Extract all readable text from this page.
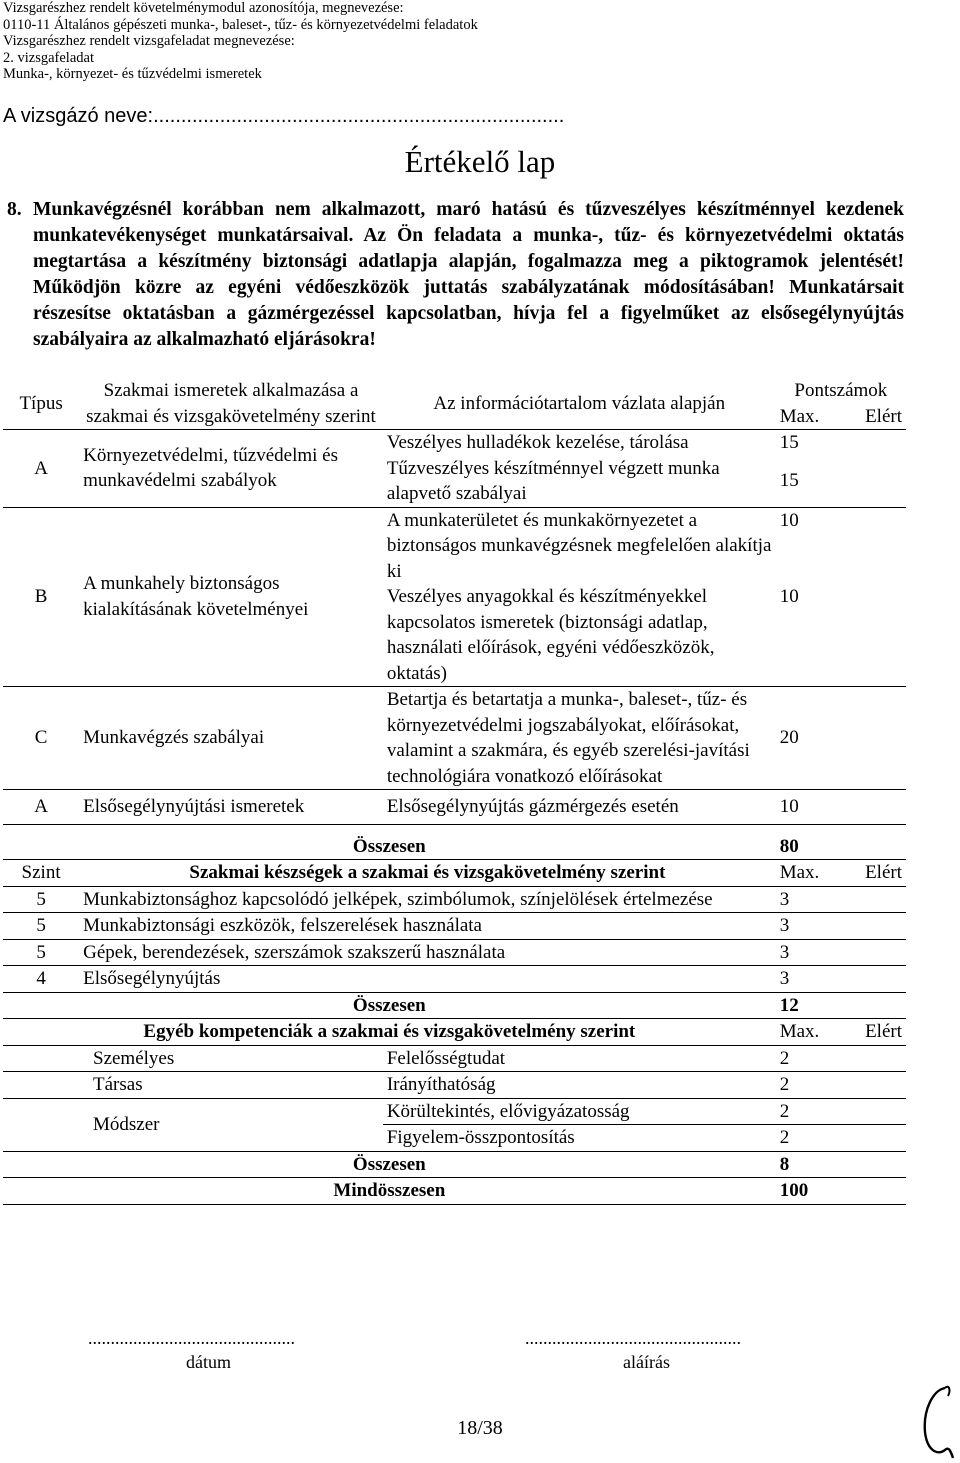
Vizsgarészhez rendelt követelménymodul azonosítója, megnevezése:
0110-11 Általános gépészeti munka-, baleset-, tűz- és környezetvédelmi feladatok
Vizsgarészhez rendelt vizsgafeladat megnevezése:
2. vizsgafeladat
Munka-, környezet- és tűzvédelmi ismeretek
A vizsgázó neve:..........................................................................
Értékelő lap
8. Munkavégzésnél korábban nem alkalmazott, maró hatású és tűzveszélyes készítménnyel kezdenek munkatevékenységet munkatársaival. Az Ön feladata a munka-, tűz- és környezetvédelmi oktatás megtartása a készítmény biztonsági adatlapja alapján, fogalmazza meg a piktogramok jelentését! Működjön közre az egyéni védőeszközök juttatás szabályzatának módosításában! Munkatársait részesítse oktatásban a gázmérgezéssel kapcsolatban, hívja fel a figyelműket az elsősegélynyújtás szabályaira az alkalmazható eljárásokra!
Típus	Szakmai ismeretek alkalmazása a szakmai és vizsgakövetelmény szerint	Az információtartalom vázlata alapján	Pontszámok	
			Max.	Elért
A	Környezetvédelmi, tűzvédelmi és munkavédelmi szabályok	Veszélyes hulladékok kezelése, tárolása	15	
		Tűzveszélyes készítménnyel végzett munka alapvető szabályai	15	
B	A munkahely biztonságos kialakításának követelményei	A munkaterületet és munkakörnyezetet a biztonságos munkavégzésnek megfelelően alakítja ki	10	
		Veszélyes anyagokkal és készítményekkel kapcsolatos ismeretek (biztonsági adatlap, használati előírások, egyéni védőeszközök, oktatás)	10	
C	Munkavégzés szabályai	Betartja és betartatja a munka-, baleset-, tűz- és környezetvédelmi jogszabályokat, előírásokat, valamint a szakmára, és egyéb szerelési-javítási technológiára vonatkozó előírásokat	20	
A	Elsősegélynyújtási ismeretek	Elsősegélynyújtás gázmérgezés esetén	10	
Összesen			80	
Szint	Szakmai készségek a szakmai és vizsgakövetelmény szerint		Max.	Elért
5	Munkabiztonsághoz kapcsolódó jelképek, szimbólumok, színjelölések értelmezése		3	
5	Munkabiztonsági eszközök, felszerelések használata		3	
5	Gépek, berendezések, szerszámok szakszerű használata		3	
4	Elsősegélynyújtás		3	
Összesen			12	
Egyéb kompetenciák a szakmai és vizsgakövetelmény szerint			Max.	Elért
Személyes		Felelősségtudat	2	
Társas		Irányíthatóság	2	
Módszer		Körültekintés, elővigyázatosság	2	
		Figyelem-összpontosítás	2	
Összesen			8	
Mindösszesen			100	
..............................................	................................................
dátum	aláírás
18/38
